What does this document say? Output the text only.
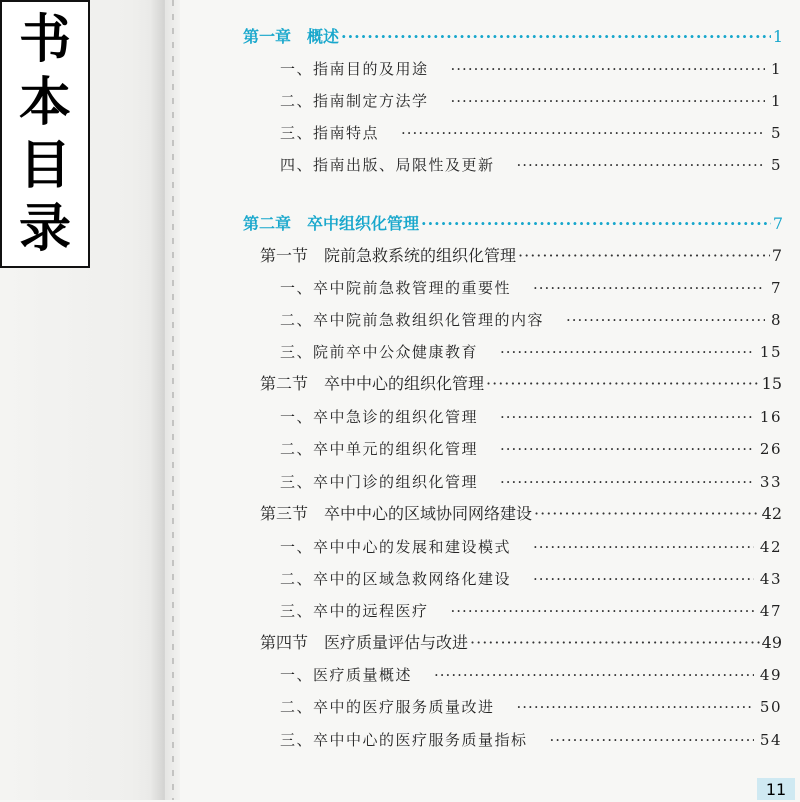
书
本
目
录
第一章　概述 ·····	1
一、指南目的及用途 ·····	1
二、指南制定方法学 ·····	1
三、指南特点 ·····	5
四、指南出版、局限性及更新 ·····	5
第二章　卒中组织化管理 ·····	7
第一节　院前急救系统的组织化管理 ·····	7
一、卒中院前急救管理的重要性 ·····	7
二、卒中院前急救组织化管理的内容 ·····	8
三、院前卒中公众健康教育 ·····	15
第二节　卒中中心的组织化管理 ·····	15
一、卒中急诊的组织化管理 ·····	16
二、卒中单元的组织化管理 ·····	26
三、卒中门诊的组织化管理 ·····	33
第三节　卒中中心的区域协同网络建设 ·····	42
一、卒中中心的发展和建设模式 ·····	42
二、卒中的区域急救网络化建设 ·····	43
三、卒中的远程医疗 ·····	47
第四节　医疗质量评估与改进 ·····	49
一、医疗质量概述 ·····	49
二、卒中的医疗服务质量改进 ·····	50
三、卒中中心的医疗服务质量指标 ·····	54
11
